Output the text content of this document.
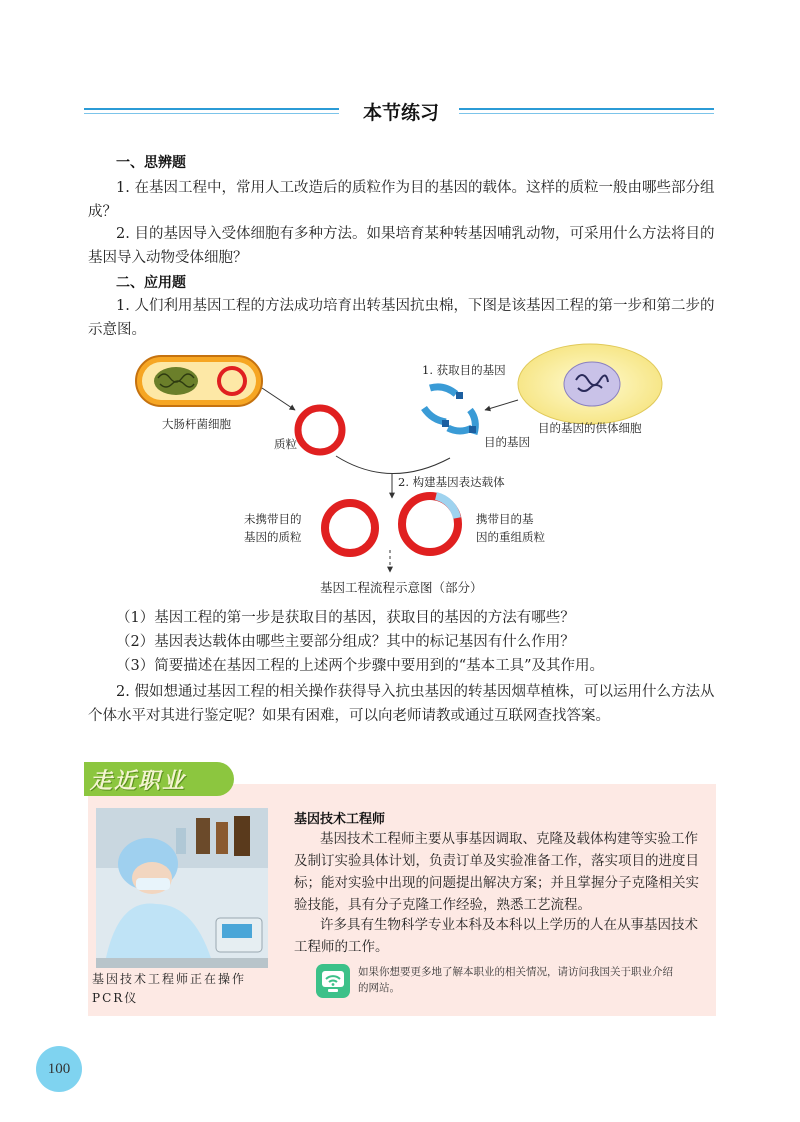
本节练习
一、思辨题

1. 在基因工程中，常用人工改造后的质粒作为目的基因的载体。这样的质粒一般由哪些部分组成？

2. 目的基因导入受体细胞有多种方法。如果培育某种转基因哺乳动物，可采用什么方法将目的基因导入动物受体细胞？

二、应用题

1. 人们利用基因工程的方法成功培育出转基因抗虫棉，下图是该基因工程的第一步和第二步的示意图。

大肠杆菌细胞
质粒
1. 获取目的基因
目的基因
目的基因的供体细胞
2. 构建基因表达载体
未携带目的
基因的质粒
携带目的基
因的重组质粒
基因工程流程示意图（部分）

（1）基因工程的第一步是获取目的基因，获取目的基因的方法有哪些？

（2）基因表达载体由哪些主要部分组成？其中的标记基因有什么作用？

（3）简要描述在基因工程的上述两个步骤中要用到的“基本工具”及其作用。

2. 假如想通过基因工程的相关操作获得导入抗虫基因的转基因烟草植株，可以运用什么方法从个体水平对其进行鉴定呢？如果有困难，可以向老师请教或通过互联网查找答案。

走近职业
基因技术工程师正在操作PCR仪
基因技术工程师

基因技术工程师主要从事基因调取、克隆及载体构建等实验工作及制订实验具体计划，负责订单及实验准备工作，落实项目的进度目标；能对实验中出现的问题提出解决方案；并且掌握分子克隆相关实验技能，具有分子克隆工作经验，熟悉工艺流程。

许多具有生物科学专业本科及本科以上学历的人在从事基因技术工程师的工作。

如果你想要更多地了解本职业的相关情况，请访问我国关于职业介绍的网站。
100
